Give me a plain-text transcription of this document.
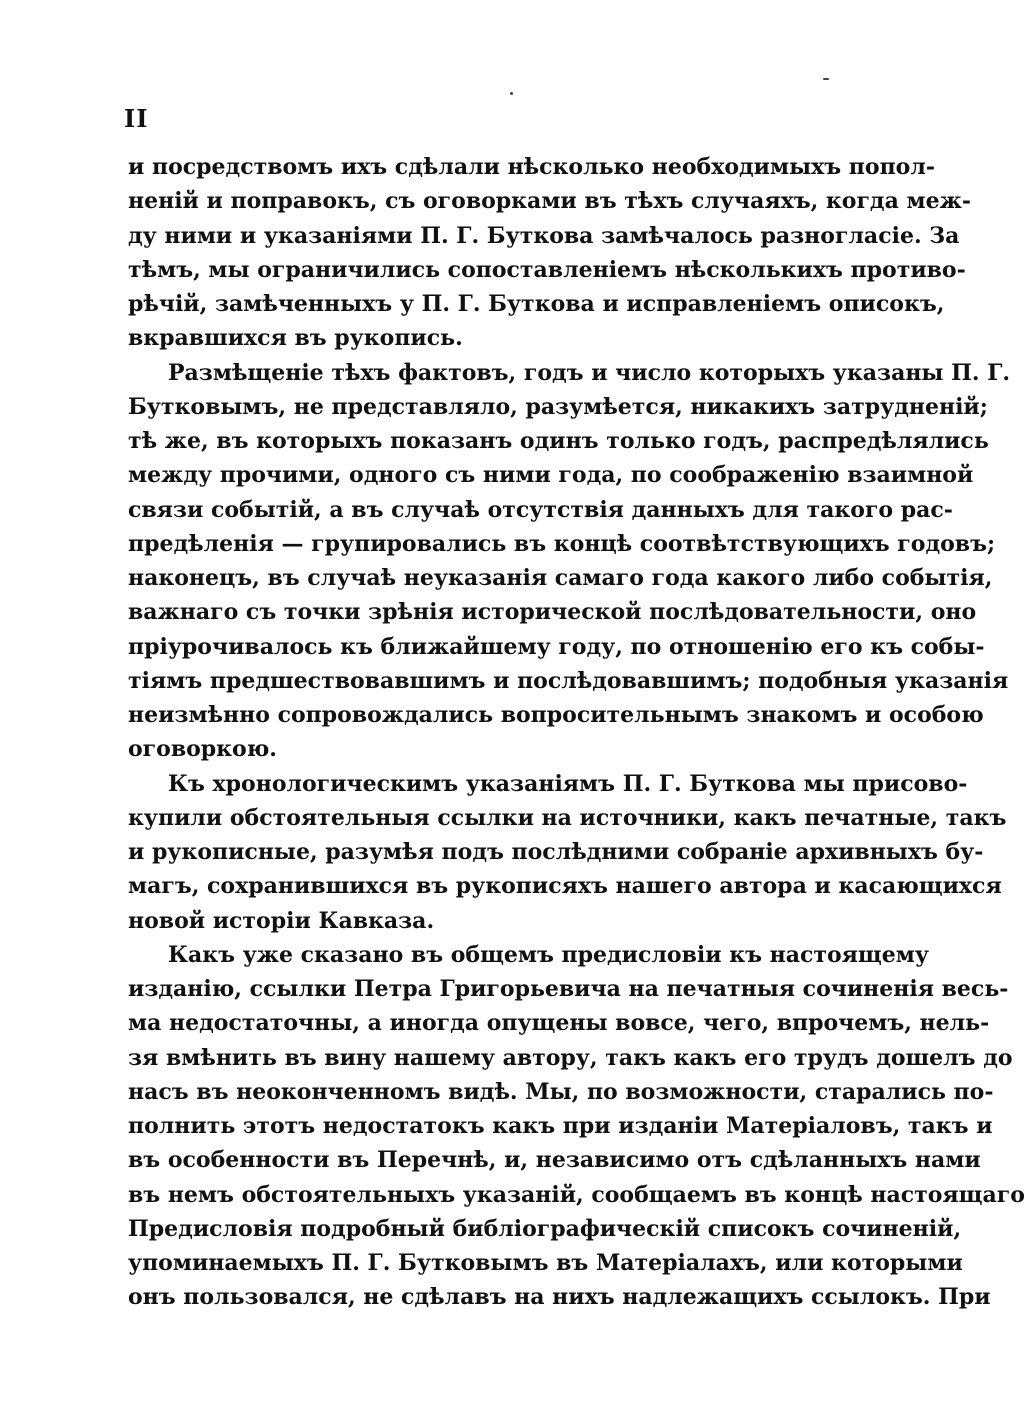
II
и посредствомъ ихъ сдѣлали нѣсколько необходимыхъ попол-
неній и поправокъ, съ оговорками въ тѣхъ случаяхъ, когда меж-
ду ними и указаніями П. Г. Буткова замѣчалось разногласіе. За
тѣмъ, мы ограничились сопоставленіемъ нѣсколькихъ противо-
рѣчій, замѣченныхъ у П. Г. Буткова и исправленіемъ описокъ,
вкравшихся въ рукопись.
Размѣщеніе тѣхъ фактовъ, годъ и число которыхъ указаны П. Г.
Бутковымъ, не представляло, разумѣется, никакихъ затрудненій;
тѣ же, въ которыхъ показанъ одинъ только годъ, распредѣлялись
между прочими, одного съ ними года, по соображенію взаимной
связи событій, а въ случаѣ отсутствія данныхъ для такого рас-
предѣленія — групировались въ концѣ соотвѣтствующихъ годовъ;
наконецъ, въ случаѣ неуказанія самаго года какого либо событія,
важнаго съ точки зрѣнія исторической послѣдовательности, оно
пріурочивалось къ ближайшему году, по отношенію его къ собы-
тіямъ предшествовавшимъ и послѣдовавшимъ; подобныя указанія
неизмѣнно сопровождались вопросительнымъ знакомъ и особою
оговоркою.
Къ хронологическимъ указаніямъ П. Г. Буткова мы присово-
купили обстоятельныя ссылки на источники, какъ печатные, такъ
и рукописные, разумѣя подъ послѣдними собраніе архивныхъ бу-
магъ, сохранившихся въ рукописяхъ нашего автора и касающихся
новой исторіи Кавказа.
Какъ уже сказано въ общемъ предисловіи къ настоящему
изданію, ссылки Петра Григорьевича на печатныя сочиненія весь-
ма недостаточны, а иногда опущены вовсе, чего, впрочемъ, нель-
зя вмѣнить въ вину нашему автору, такъ какъ его трудъ дошелъ до
насъ въ неоконченномъ видѣ. Мы, по возможности, старались по-
полнить этотъ недостатокъ какъ при изданіи Матеріаловъ, такъ и
въ особенности въ Перечнѣ, и, независимо отъ сдѣланныхъ нами
въ немъ обстоятельныхъ указаній, сообщаемъ въ концѣ настоящаго
Предисловія подробный библіографическій списокъ сочиненій,
упоминаемыхъ П. Г. Бутковымъ въ Матеріалахъ, или которыми
онъ пользовался, не сдѣлавъ на нихъ надлежащихъ ссылокъ. При
